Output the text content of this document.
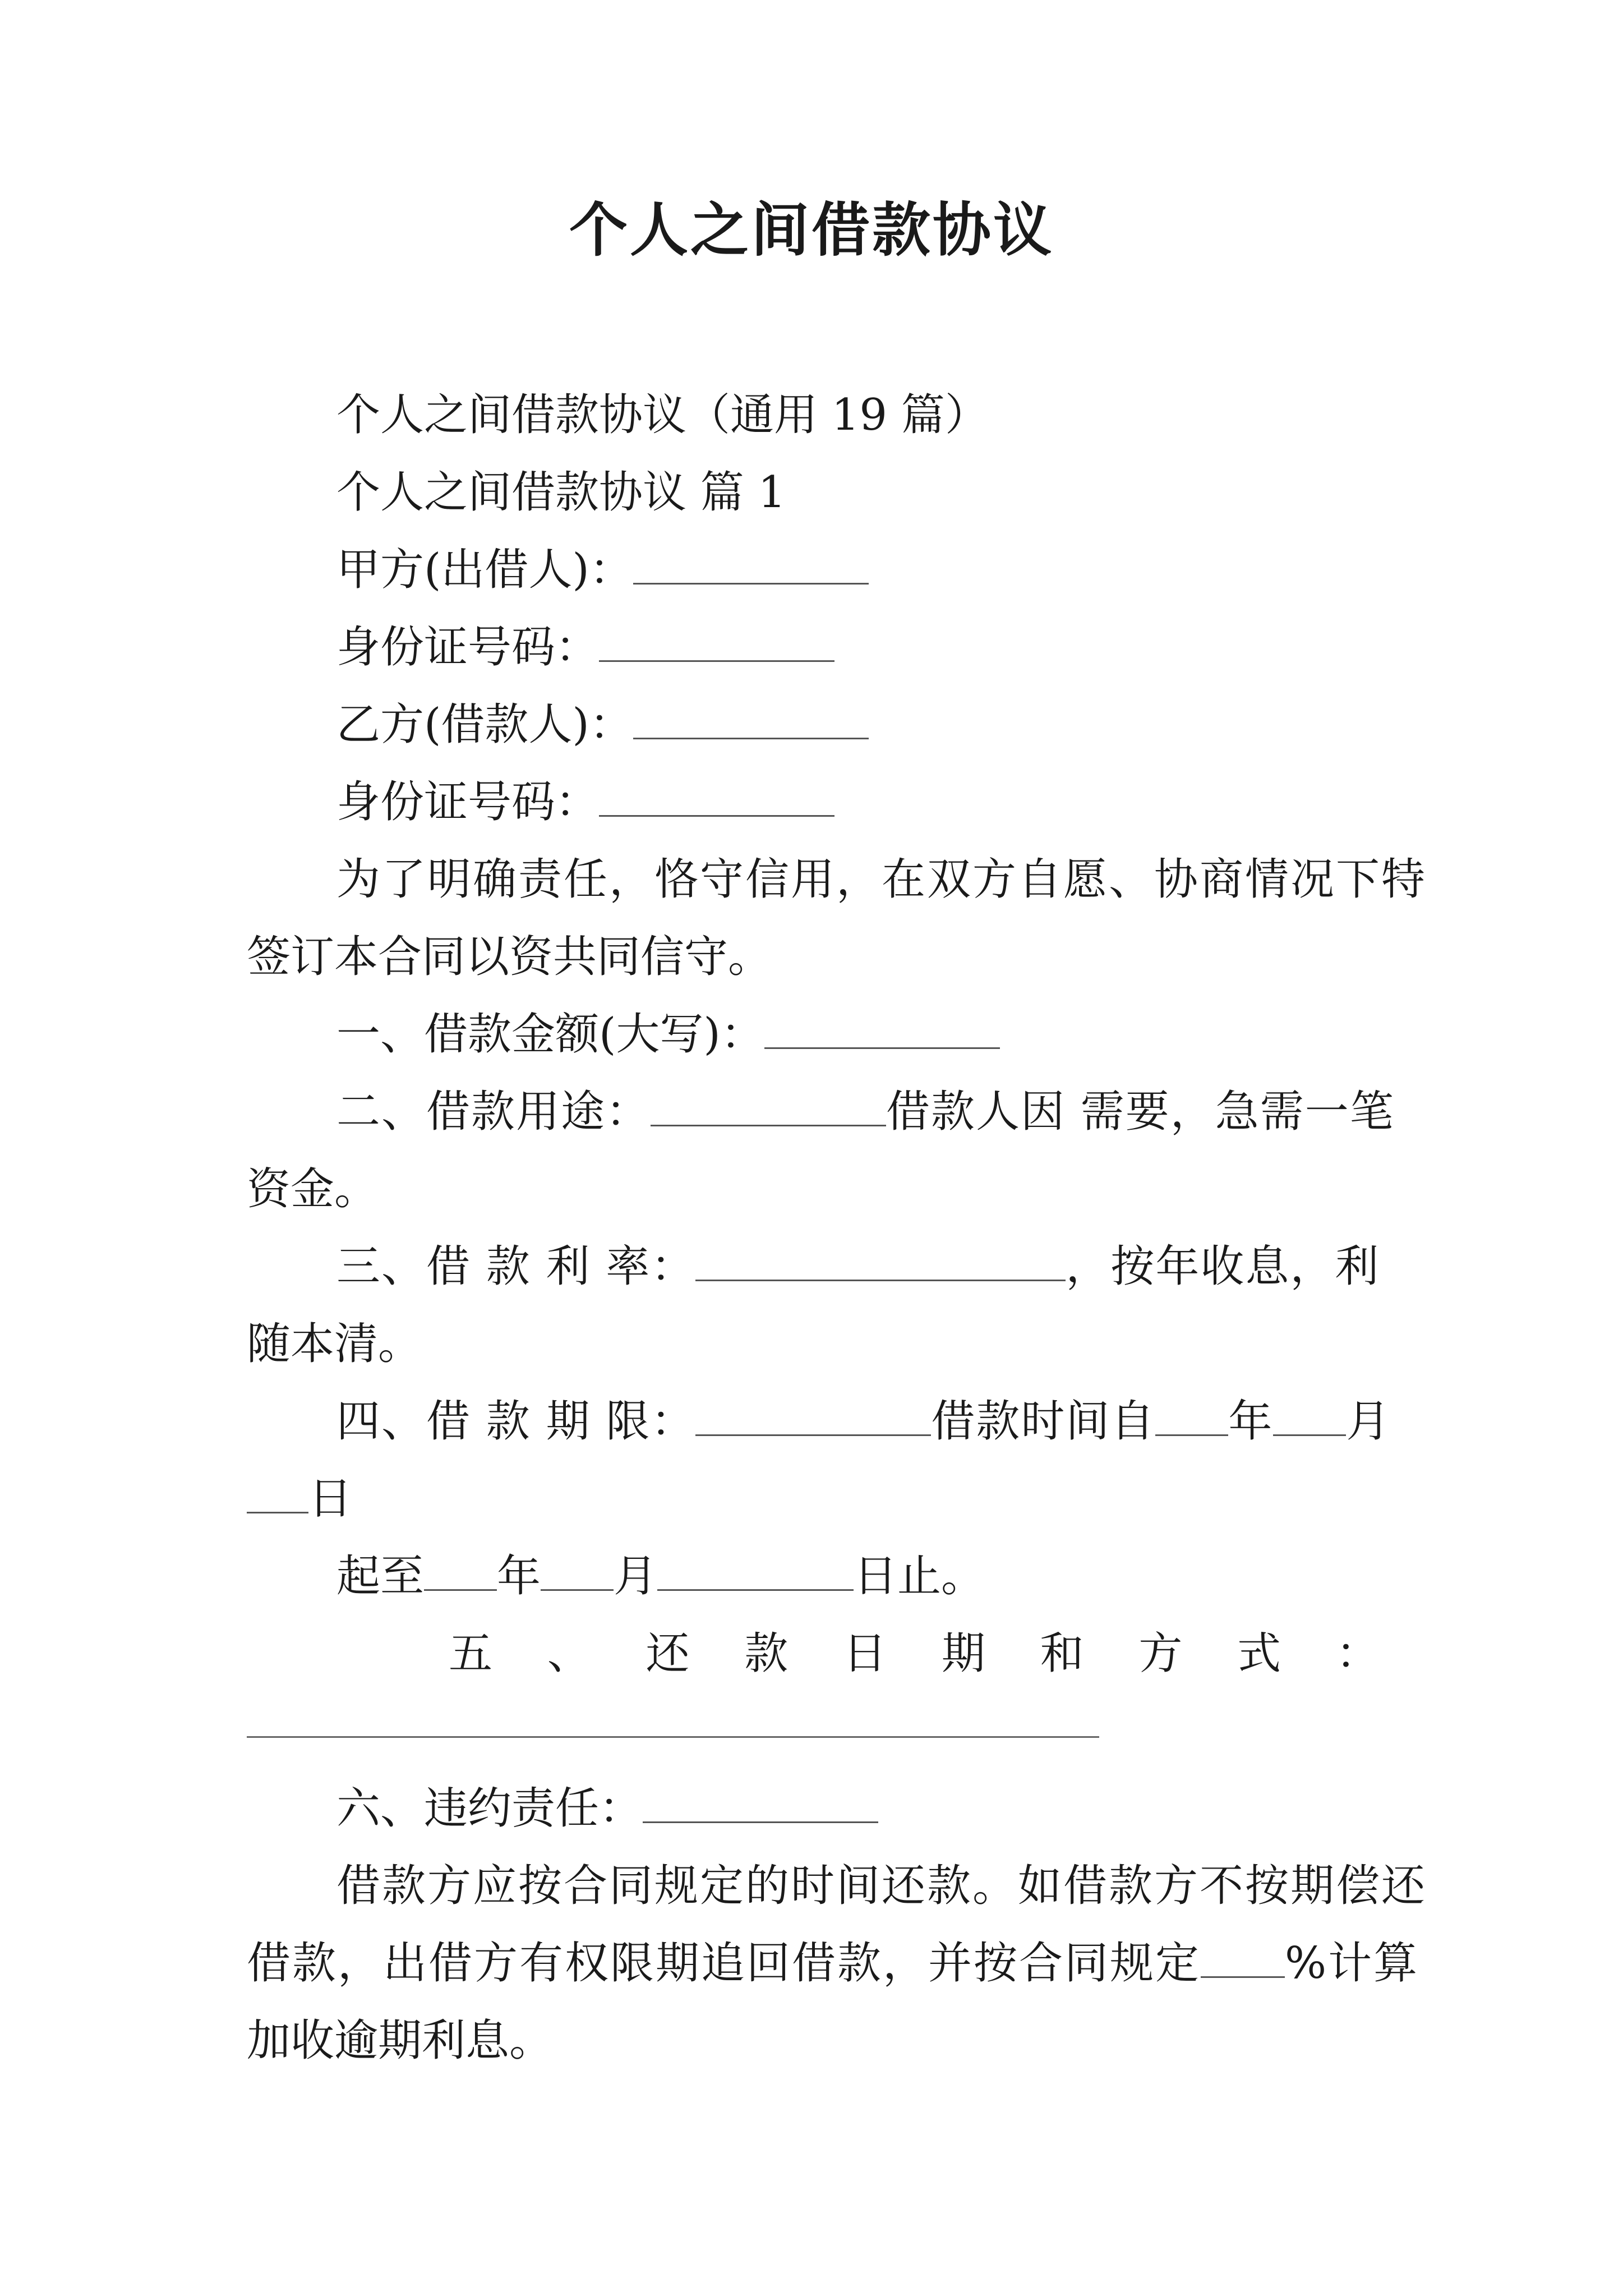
个人之间借款协议
个人之间借款协议（通用 19 篇）
个人之间借款协议 篇 1
甲方(出借人)：
身份证号码：
乙方(借款人)：
身份证号码：
为了明确责任，恪守信用，在双方自愿、协商情况下特
签订本合同以资共同信守。
一、借款金额(大写)：
二、借款用途：	借款人因 需要，急需一笔
资金。
三、借 款 利 率：	，按年收息，利
随本清。
四、借 款 期 限：	借款时间自 年 月
日
起至 年 月	日止。
五 、 还 款 日 期 和 方 式 ：
六、违约责任：
借款方应按合同规定的时间还款。如借款方不按期偿还
借款，出借方有权限期追回借款，并按合同规定 %计算
加收逾期利息。
